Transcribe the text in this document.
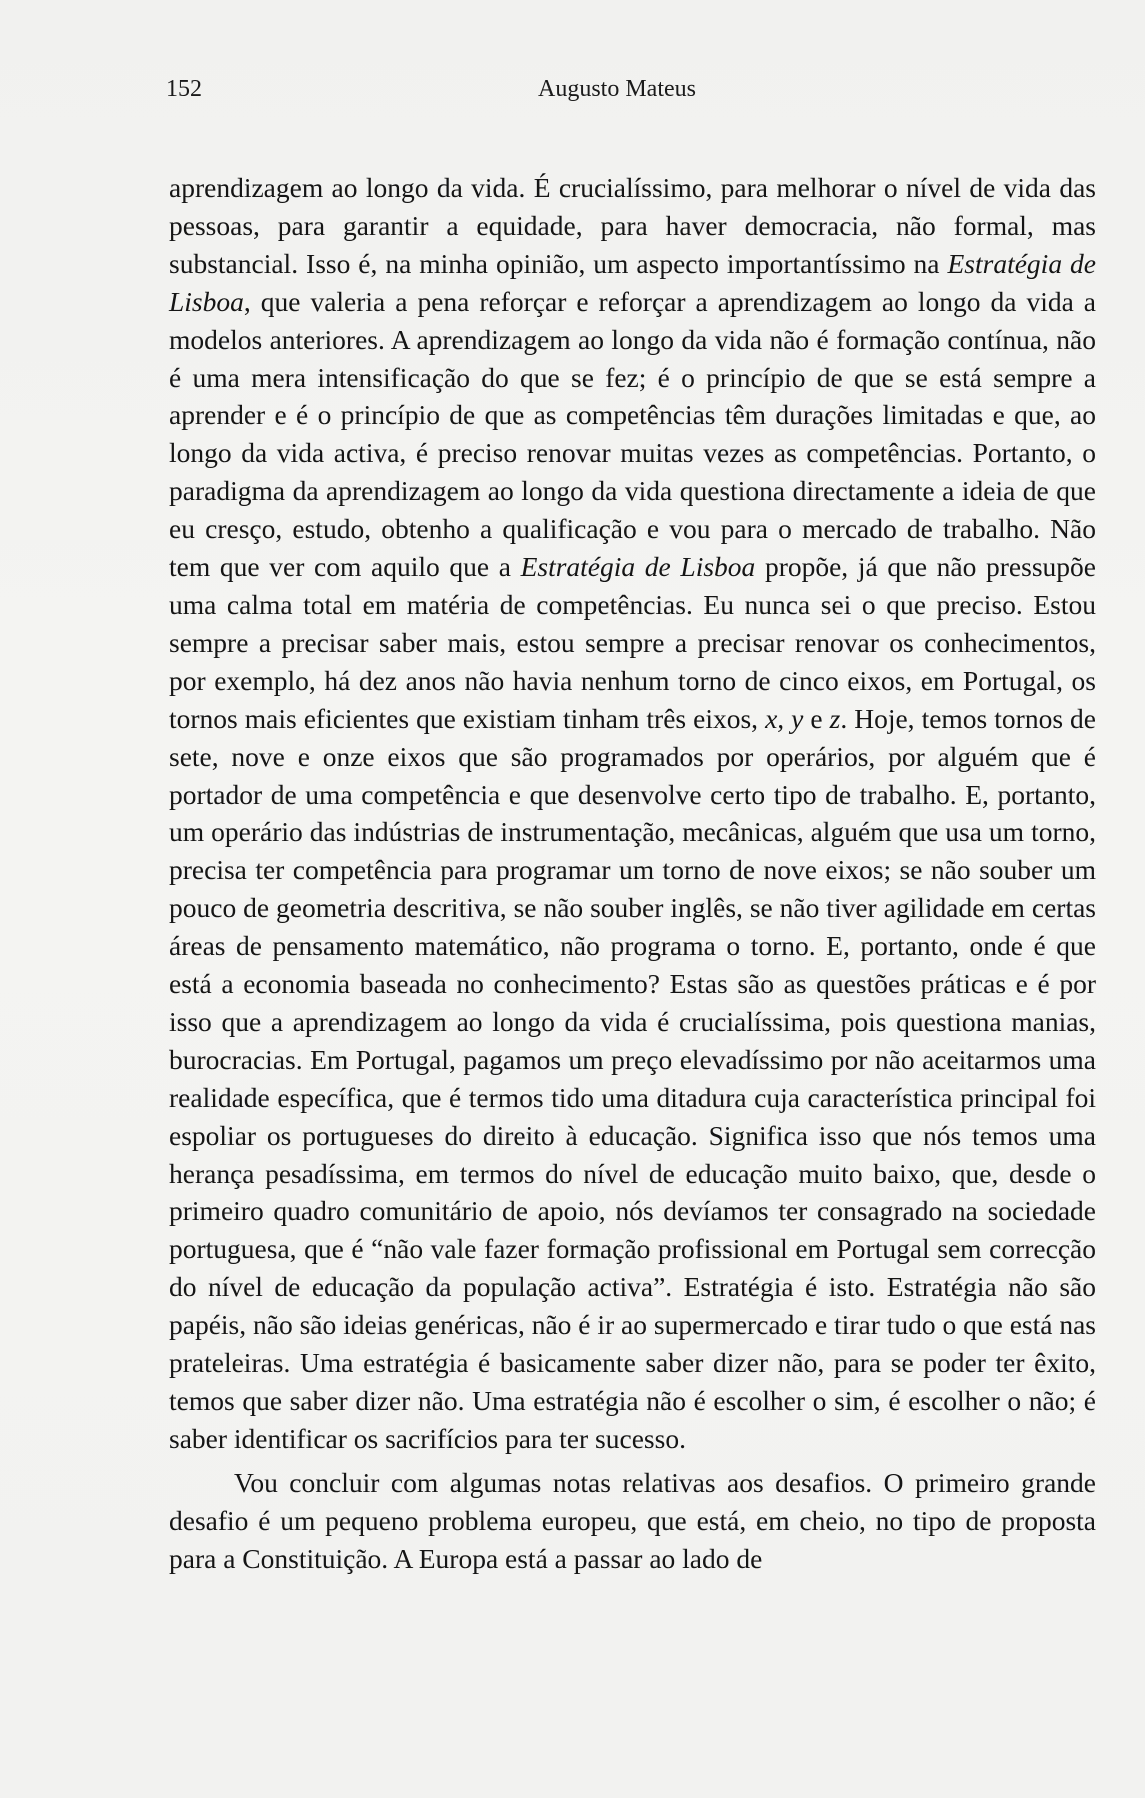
152	Augusto Mateus

aprendizagem ao longo da vida. É crucialíssimo, para melhorar o nível de vida das pessoas, para garantir a equidade, para haver democracia, não formal, mas substancial. Isso é, na minha opinião, um aspecto importantíssimo na Estratégia de Lisboa, que valeria a pena reforçar e reforçar a aprendizagem ao longo da vida a modelos anteriores. A aprendizagem ao longo da vida não é formação contínua, não é uma mera intensificação do que se fez; é o princípio de que se está sempre a aprender e é o princípio de que as competências têm durações limitadas e que, ao longo da vida activa, é preciso renovar muitas vezes as competências. Portanto, o paradigma da aprendizagem ao longo da vida questiona directamente a ideia de que eu cresço, estudo, obtenho a qualificação e vou para o mercado de trabalho. Não tem que ver com aquilo que a Estratégia de Lisboa propõe, já que não pressupõe uma calma total em matéria de competências. Eu nunca sei o que preciso. Estou sempre a precisar saber mais, estou sempre a precisar renovar os conhecimentos, por exemplo, há dez anos não havia nenhum torno de cinco eixos, em Portugal, os tornos mais eficientes que existiam tinham três eixos, x, y e z. Hoje, temos tornos de sete, nove e onze eixos que são programados por operários, por alguém que é portador de uma competência e que desenvolve certo tipo de trabalho. E, portanto, um operário das indústrias de instrumentação, mecânicas, alguém que usa um torno, precisa ter competência para programar um torno de nove eixos; se não souber um pouco de geometria descritiva, se não souber inglês, se não tiver agilidade em certas áreas de pensamento matemático, não programa o torno. E, portanto, onde é que está a economia baseada no conhecimento? Estas são as questões práticas e é por isso que a aprendizagem ao longo da vida é crucialíssima, pois questiona manias, burocracias. Em Portugal, pagamos um preço elevadíssimo por não aceitarmos uma realidade específica, que é termos tido uma ditadura cuja característica principal foi espoliar os portugueses do direito à educação. Significa isso que nós temos uma herança pesadíssima, em termos do nível de educação muito baixo, que, desde o primeiro quadro comunitário de apoio, nós devíamos ter consagrado na sociedade portuguesa, que é “não vale fazer formação profissional em Portugal sem correcção do nível de educação da população activa”. Estratégia é isto. Estratégia não são papéis, não são ideias genéricas, não é ir ao supermercado e tirar tudo o que está nas prateleiras. Uma estratégia é basicamente saber dizer não, para se poder ter êxito, temos que saber dizer não. Uma estratégia não é escolher o sim, é escolher o não; é saber identificar os sacrifícios para ter sucesso.

Vou concluir com algumas notas relativas aos desafios. O primeiro grande desafio é um pequeno problema europeu, que está, em cheio, no tipo de proposta para a Constituição. A Europa está a passar ao lado de
